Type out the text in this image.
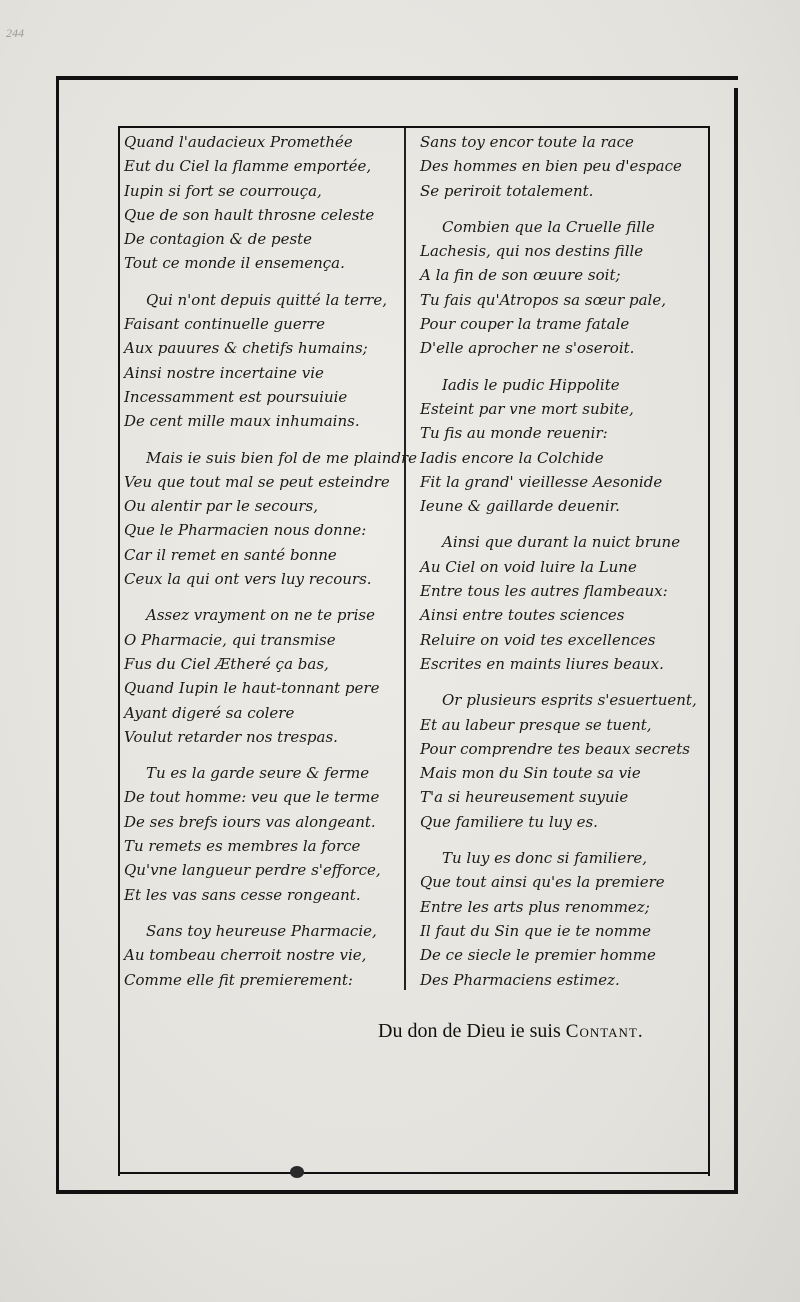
244

Quand l'audacieux Promethée
Eut du Ciel la flamme emportée,
Iupin si fort se courrouça,
Que de son hault throsne celeste
De contagion & de peste
Tout ce monde il ensemença.
Qui n'ont depuis quitté la terre,
Faisant continuelle guerre
Aux pauures & chetifs humains;
Ainsi nostre incertaine vie
Incessamment est poursuiuie
De cent mille maux inhumains.
Mais ie suis bien fol de me plaindre
Veu que tout mal se peut esteindre
Ou alentir par le secours,
Que le Pharmacien nous donne:
Car il remet en santé bonne
Ceux la qui ont vers luy recours.
Assez vrayment on ne te prise
O Pharmacie, qui transmise
Fus du Ciel Ætheré ça bas,
Quand Iupin le haut-tonnant pere
Ayant digeré sa colere
Voulut retarder nos trespas.
Tu es la garde seure & ferme
De tout homme: veu que le terme
De ses brefs iours vas alongeant.
Tu remets es membres la force
Qu'vne langueur perdre s'efforce,
Et les vas sans cesse rongeant.
Sans toy heureuse Pharmacie,
Au tombeau cherroit nostre vie,
Comme elle fit premierement:
Sans toy encor toute la race
Des hommes en bien peu d'espace
Se periroit totalement.
Combien que la Cruelle fille
Lachesis, qui nos destins fille
A la fin de son œuure soit;
Tu fais qu'Atropos sa sœur pale,
Pour couper la trame fatale
D'elle aprocher ne s'oseroit.
Iadis le pudic Hippolite
Esteint par vne mort subite,
Tu fis au monde reuenir:
Iadis encore la Colchide
Fit la grand' vieillesse Aesonide
Ieune & gaillarde deuenir.
Ainsi que durant la nuict brune
Au Ciel on void luire la Lune
Entre tous les autres flambeaux:
Ainsi entre toutes sciences
Reluire on void tes excellences
Escrites en maints liures beaux.
Or plusieurs esprits s'esuertuent,
Et au labeur presque se tuent,
Pour comprendre tes beaux secrets
Mais mon du Sin toute sa vie
T'a si heureusement suyuie
Que familiere tu luy es.
Tu luy es donc si familiere,
Que tout ainsi qu'es la premiere
Entre les arts plus renommez;
Il faut du Sin que ie te nomme
De ce siecle le premier homme
Des Pharmaciens estimez.
Du don de Dieu ie suis Contant.
